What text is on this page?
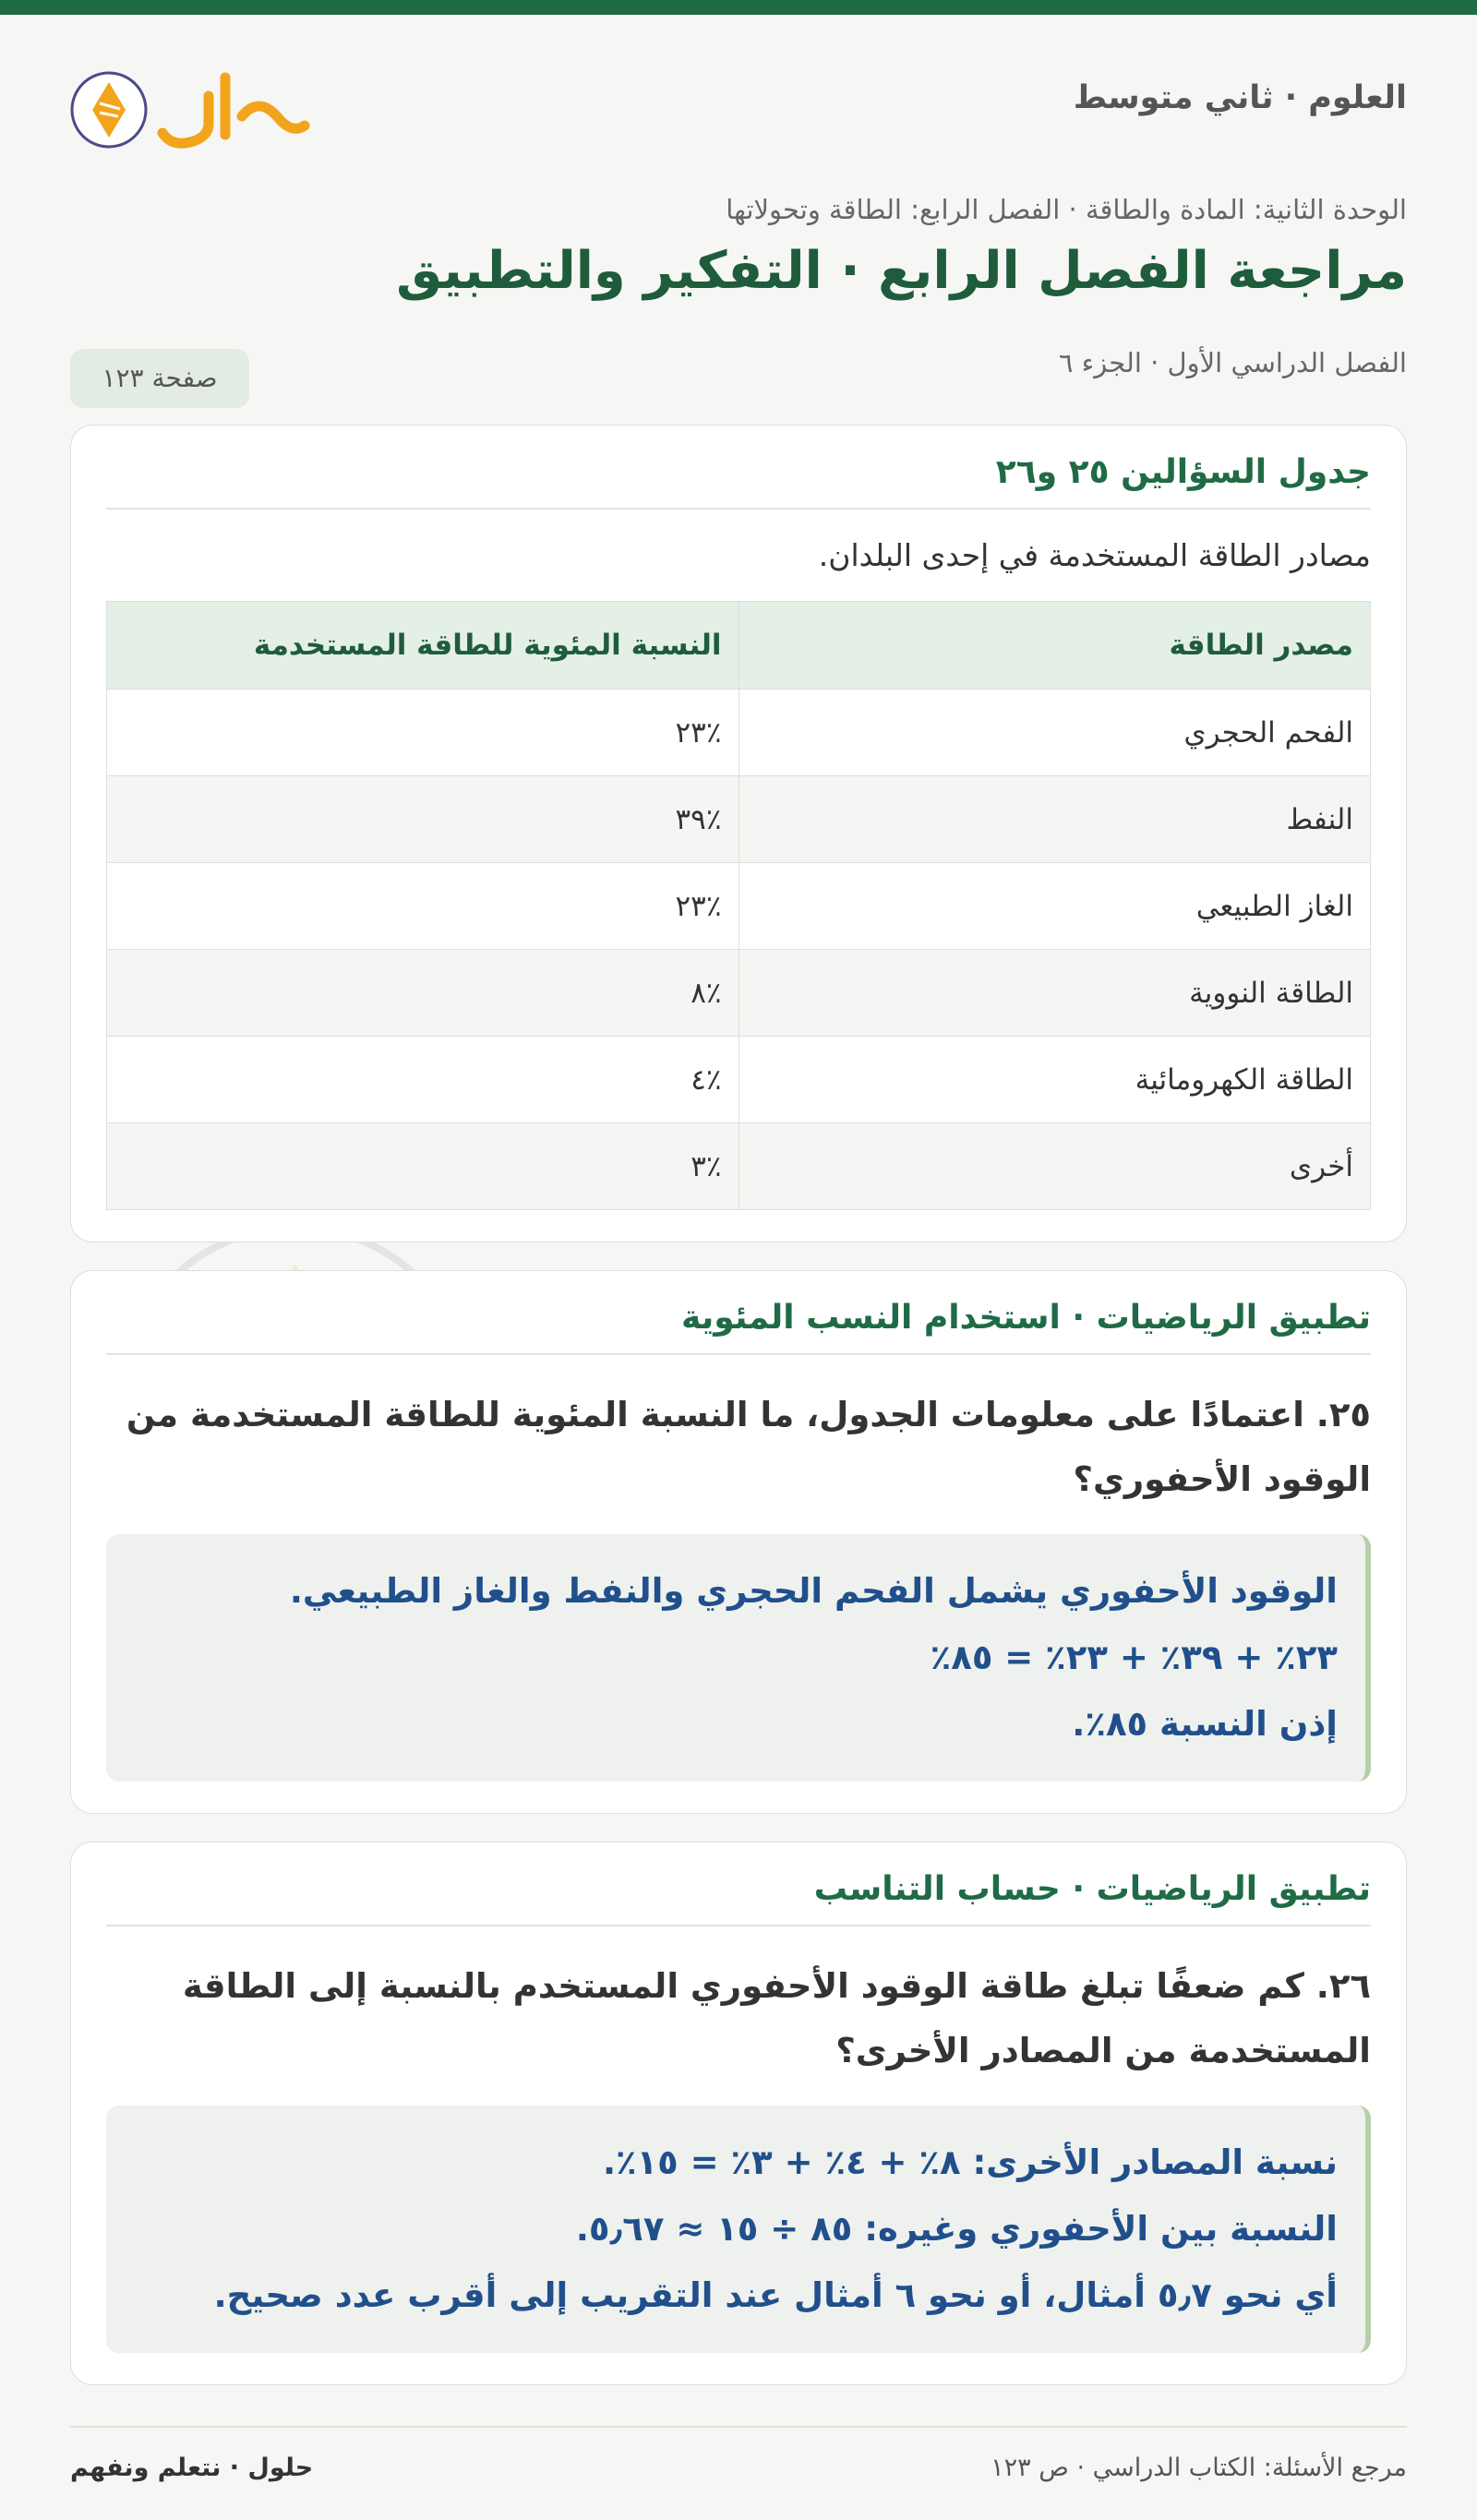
العلوم · ثاني متوسط
الوحدة الثانية: المادة والطاقة · الفصل الرابع: الطاقة وتحولاتها
مراجعة الفصل الرابع · التفكير والتطبيق
الفصل الدراسي الأول · الجزء ٦
صفحة ١٢٣
جدول السؤالين ٢٥ و٢٦
مصادر الطاقة المستخدمة في إحدى البلدان.
مصدر الطاقة	النسبة المئوية للطاقة المستخدمة
الفحم الحجري	٪٢٣
النفط	٪٣٩
الغاز الطبيعي	٪٢٣
الطاقة النووية	٪٨
الطاقة الكهرومائية	٪٤
أخرى	٪٣
تطبيق الرياضيات · استخدام النسب المئوية
٢٥. اعتمادًا على معلومات الجدول، ما النسبة المئوية للطاقة المستخدمة من الوقود الأحفوري؟
الوقود الأحفوري يشمل الفحم الحجري والنفط والغاز الطبيعي.
٢٣٪ + ٣٩٪ + ٢٣٪ = ٨٥٪
إذن النسبة ٨٥٪.
تطبيق الرياضيات · حساب التناسب
٢٦. كم ضعفًا تبلغ طاقة الوقود الأحفوري المستخدم بالنسبة إلى الطاقة المستخدمة من المصادر الأخرى؟
نسبة المصادر الأخرى: ٨٪ + ٤٪ + ٣٪ = ١٥٪.
النسبة بين الأحفوري وغيره: ٨٥ ÷ ١٥ ≈ ٥٫٦٧.
أي نحو ٥٫٧ أمثال، أو نحو ٦ أمثال عند التقريب إلى أقرب عدد صحيح.
مرجع الأسئلة: الكتاب الدراسي · ص ١٢٣
حلول · نتعلم ونفهم
